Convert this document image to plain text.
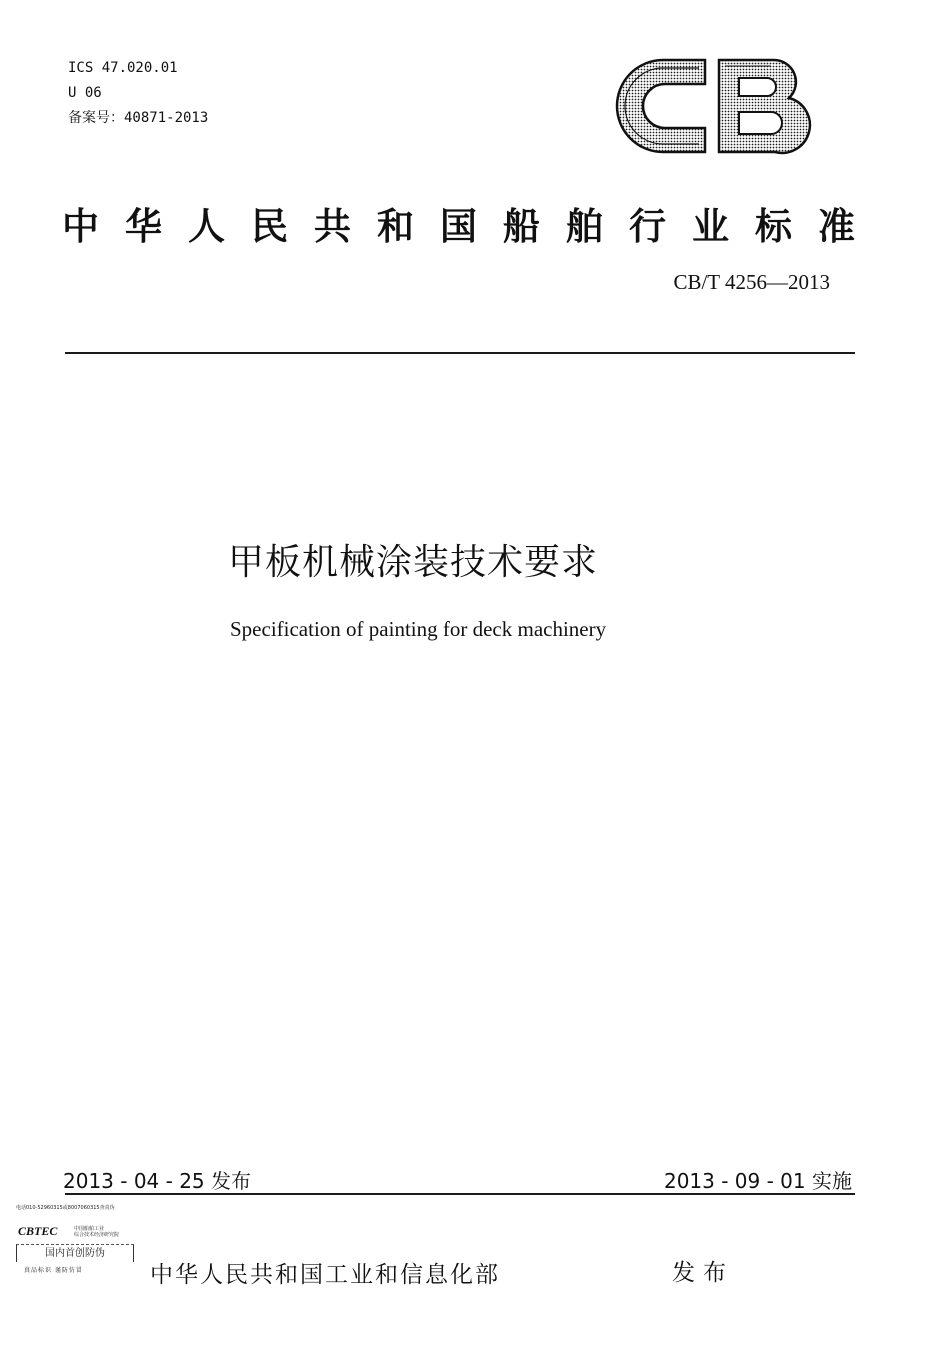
ICS 47.020.01
U 06
备案号：40871-2013
中华人民共和国船舶行业标准
CB/T 4256—2013
甲板机械涂装技术要求
Specification of painting for deck machinery
2013 - 04 - 25 发布	2013 - 09 - 01 实施
电话010-52960315或8007060315查真伪
CBTEC	中国船舶工业
综合技术经济研究院
国内首创防伪
真品标识 谨防仿冒	中华人民共和国工业和信息化部	发布
